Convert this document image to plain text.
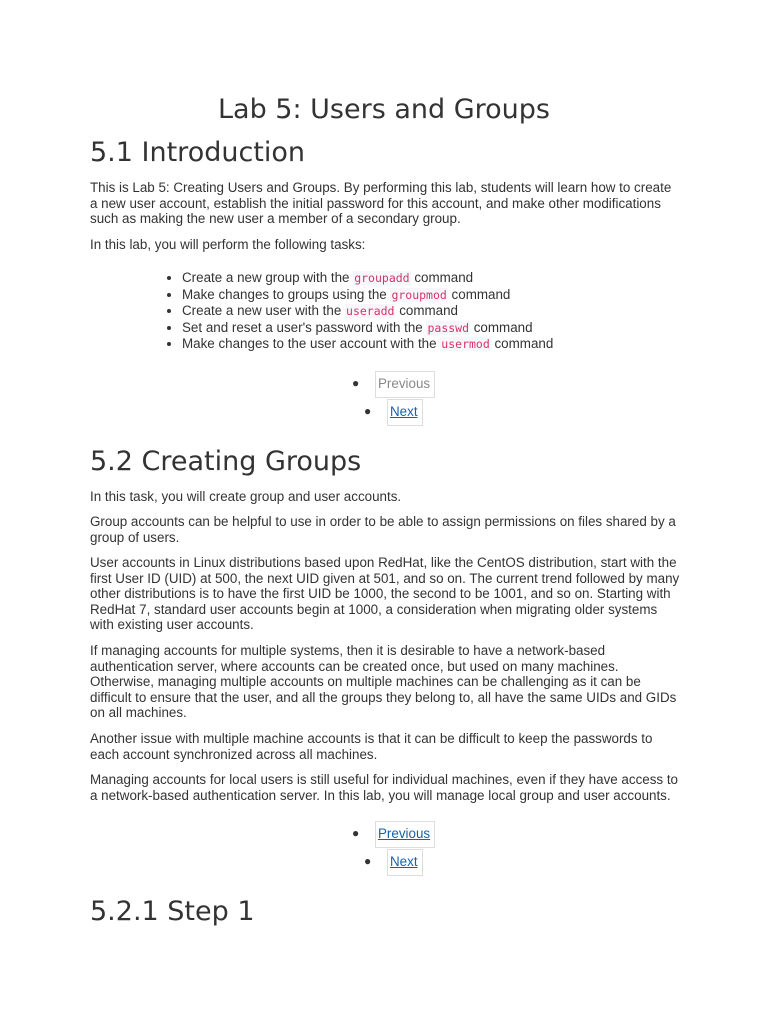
Lab 5: Users and Groups
5.1 Introduction

This is Lab 5: Creating Users and Groups. By performing this lab, students will learn how to create a new user account, establish the initial password for this account, and make other modifications such as making the new user a member of a secondary group.

In this lab, you will perform the following tasks:

• Create a new group with the groupadd command
• Make changes to groups using the groupmod command
• Create a new user with the useradd command
• Set and reset a user's password with the passwd command
• Make changes to the user account with the usermod command
● Previous
● Next
5.2 Creating Groups

In this task, you will create group and user accounts.

Group accounts can be helpful to use in order to be able to assign permissions on files shared by a group of users.

User accounts in Linux distributions based upon RedHat, like the CentOS distribution, start with the first User ID (UID) at 500, the next UID given at 501, and so on. The current trend followed by many other distributions is to have the first UID be 1000, the second to be 1001, and so on. Starting with RedHat 7, standard user accounts begin at 1000, a consideration when migrating older systems with existing user accounts.

If managing accounts for multiple systems, then it is desirable to have a network-based authentication server, where accounts can be created once, but used on many machines. Otherwise, managing multiple accounts on multiple machines can be challenging as it can be difficult to ensure that the user, and all the groups they belong to, all have the same UIDs and GIDs on all machines.

Another issue with multiple machine accounts is that it can be difficult to keep the passwords to each account synchronized across all machines.

Managing accounts for local users is still useful for individual machines, even if they have access to a network-based authentication server. In this lab, you will manage local group and user accounts.

● Previous
● Next
5.2.1 Step 1
